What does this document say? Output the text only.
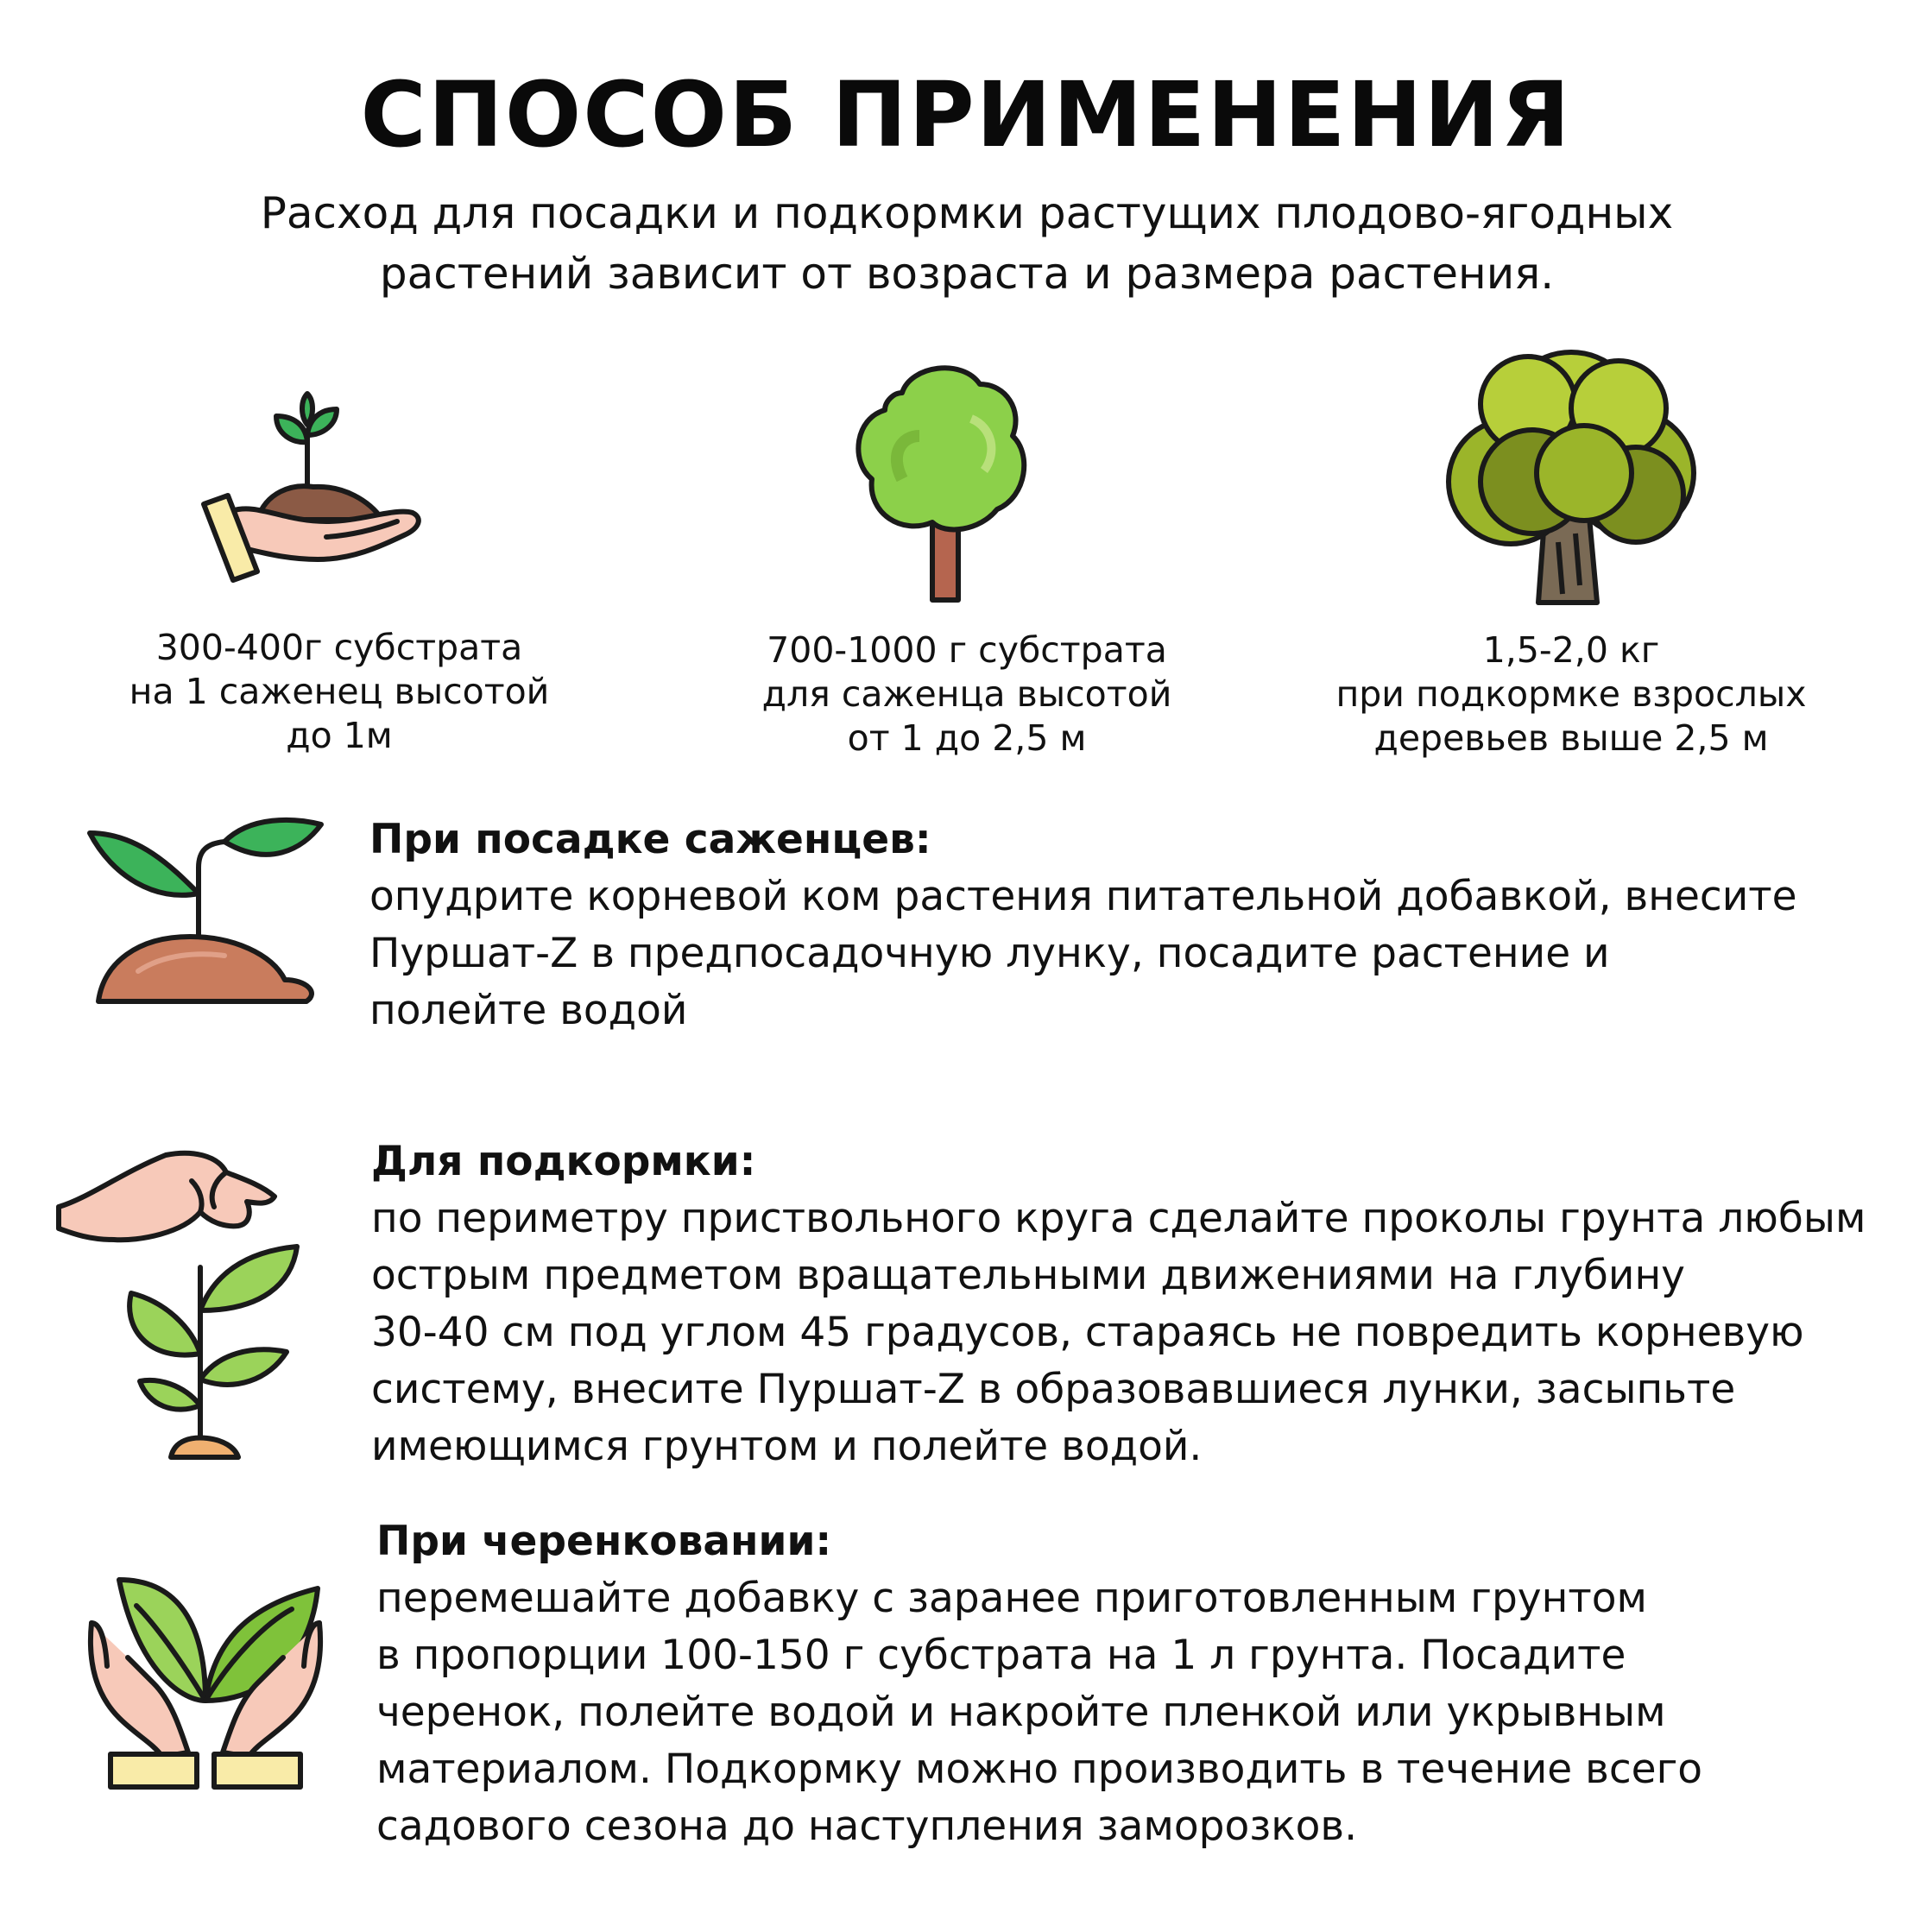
СПОСОБ ПРИМЕНЕНИЯ
Расход для посадки и подкормки растущих плодово-ягодных
растений зависит от возраста и размера растения.
300-400г субстрата
на 1 саженец высотой
до 1м
700-1000 г субстрата
для саженца высотой
от 1 до 2,5 м
1,5-2,0 кг
при подкормке взрослых
деревьев выше 2,5 м
При посадке саженцев:
опудрите корневой ком растения питательной добавкой, внесите
Пуршат-Z в предпосадочную лунку, посадите растение и
полейте водой
Для подкормки:
по периметру приствольного круга сделайте проколы грунта любым
острым предметом вращательными движениями на глубину
30-40 см под углом 45 градусов, стараясь не повредить корневую
систему, внесите Пуршат-Z в образовавшиеся лунки, засыпьте
имеющимся грунтом и полейте водой.
При черенковании:
перемешайте добавку с заранее приготовленным грунтом
в пропорции 100-150 г субстрата на 1 л грунта. Посадите
черенок, полейте водой и накройте пленкой или укрывным
материалом. Подкормку можно производить в течение всего
садового сезона до наступления заморозков.
